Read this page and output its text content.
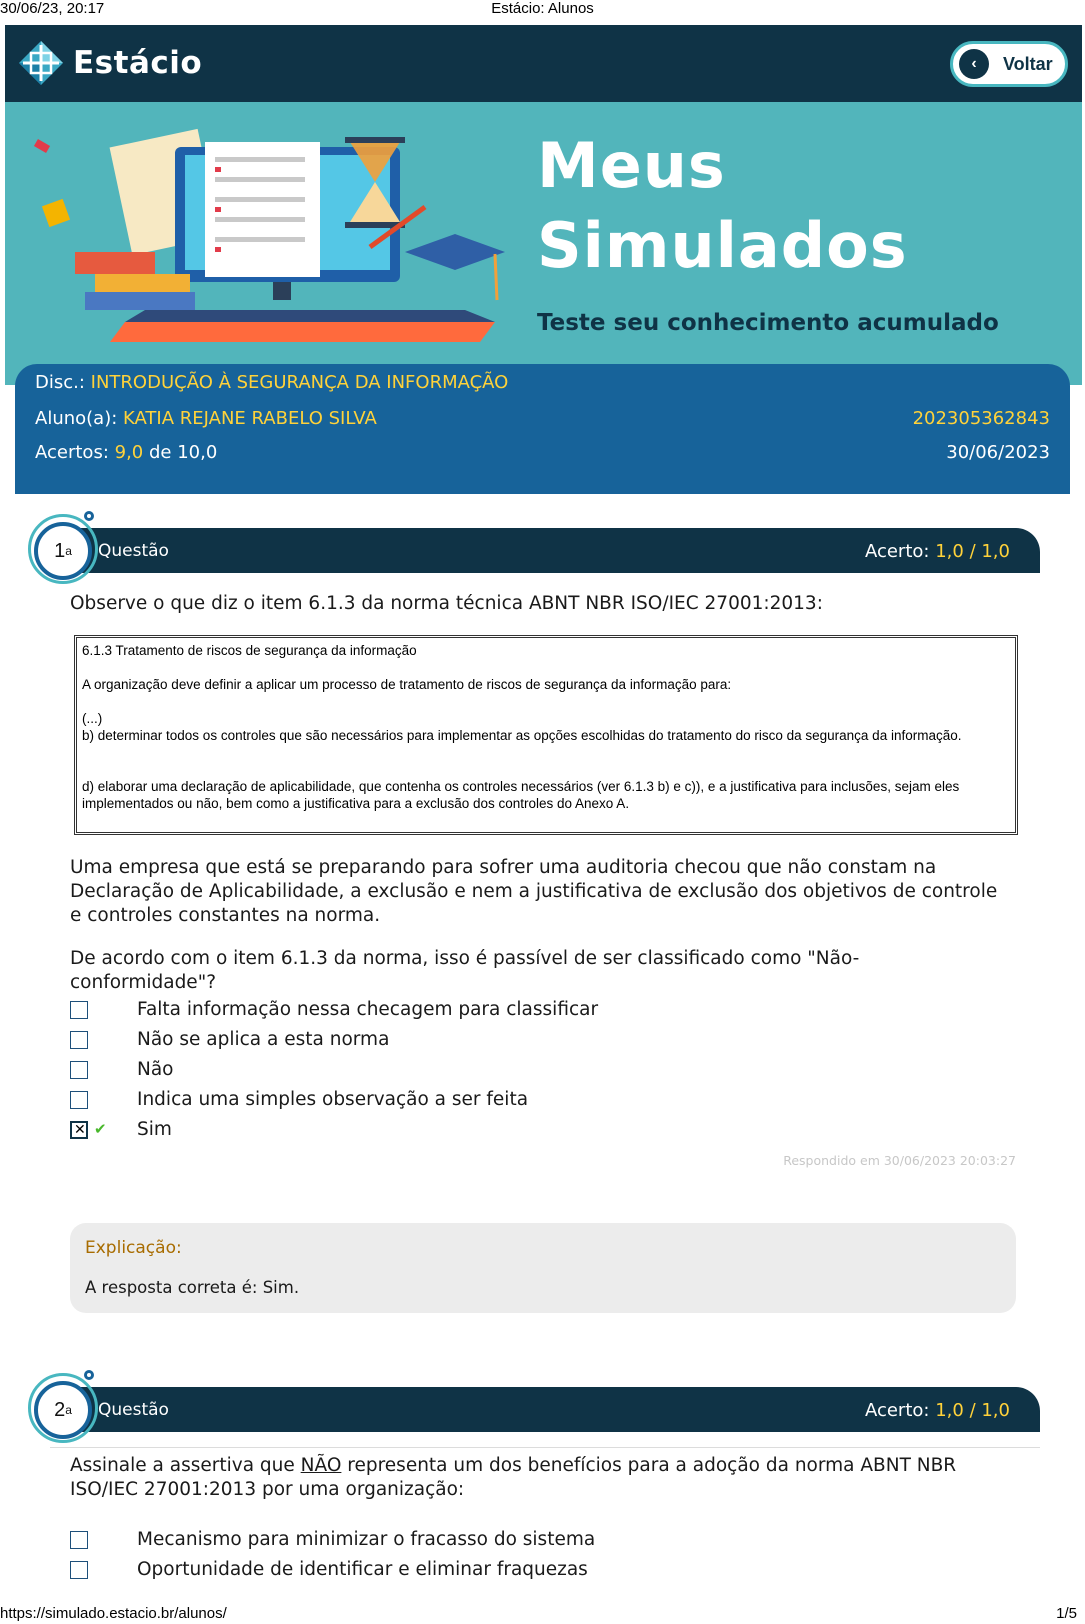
30/06/23, 20:17	Estácio: Alunos
Estácio	‹	Voltar
Meus
Simulados
Teste seu conhecimento acumulado
Disc.: INTRODUÇÃO À SEGURANÇA DA INFORMAÇÃO
Aluno(a): KATIA REJANE RABELO SILVA	202305362843
Acertos: 9,0 de 10,0	30/06/2023
Questão	Acerto: 1,0 / 1,0
1 a
Observe o que diz o item 6.1.3 da norma técnica ABNT NBR ISO/IEC 27001:2013:
6.1.3 Tratamento de riscos de segurança da informação
A organização deve definir a aplicar um processo de tratamento de riscos de segurança da informação para:
(...)
b) determinar todos os controles que são necessários para implementar as opções escolhidas do tratamento do risco da segurança da informação.
d) elaborar uma declaração de aplicabilidade, que contenha os controles necessários (ver 6.1.3 b) e c)), e a justificativa para inclusões, sejam eles implementados ou não, bem como a justificativa para a exclusão dos controles do Anexo A.
Uma empresa que está se preparando para sofrer uma auditoria checou que não constam na Declaração de Aplicabilidade, a exclusão e nem a justificativa de exclusão dos objetivos de controle e controles constantes na norma.
De acordo com o item 6.1.3 da norma, isso é passível de ser classificado como "Não-conformidade"?
Falta informação nessa checagem para classificar
Não se aplica a esta norma
Não
Indica uma simples observação a ser feita
✕
✔ Sim
Respondido em 30/06/2023 20:03:27
Explicação:
A resposta correta é: Sim.
Questão	Acerto: 1,0 / 1,0
2 a
Assinale a assertiva que NÃO representa um dos benefícios para a adoção da norma ABNT NBR ISO/IEC 27001:2013 por uma organização:
Mecanismo para minimizar o fracasso do sistema
Oportunidade de identificar e eliminar fraquezas
https://simulado.estacio.br/alunos/	1/5
